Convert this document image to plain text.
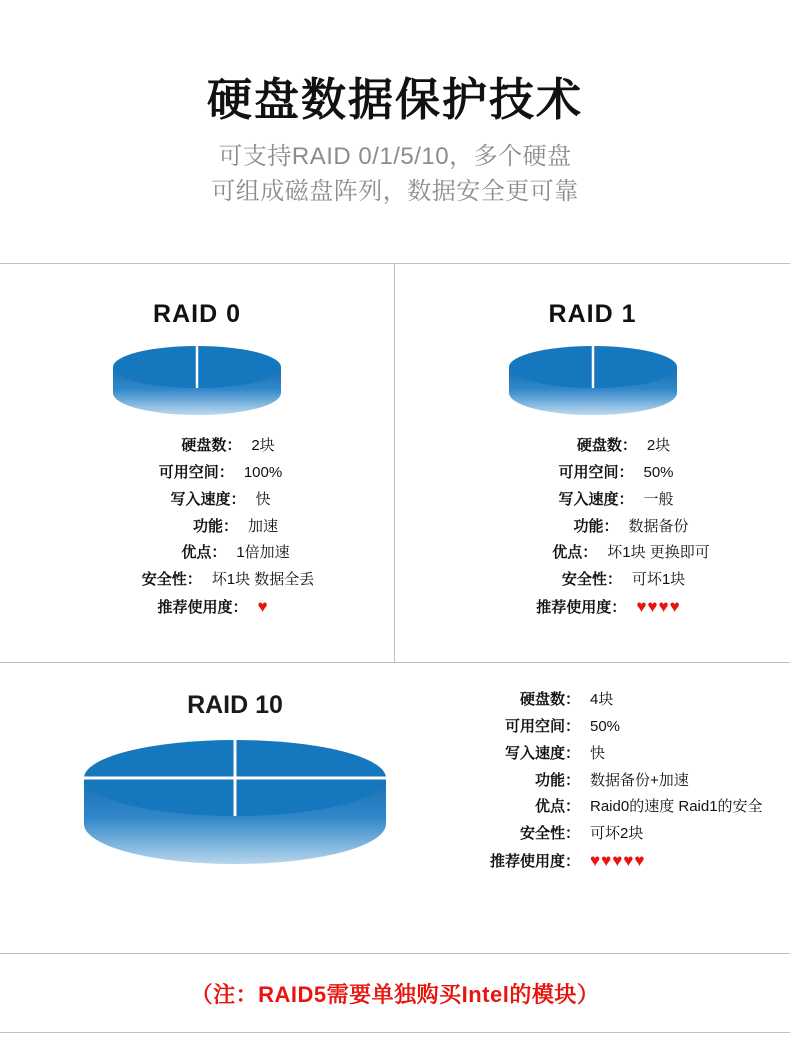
硬盘数据保护技术
可支持RAID 0/1/5/10，多个硬盘
可组成磁盘阵列，数据安全更可靠
RAID 0
硬盘数： 2块
可用空间： 100%
写入速度： 快
功能： 加速
优点： 1倍加速
安全性： 坏1块 数据全丢
推荐使用度： ♥
RAID 1
硬盘数： 2块
可用空间： 50%
写入速度： 一般
功能： 数据备份
优点： 坏1块 更换即可
安全性： 可坏1块
推荐使用度： ♥♥♥♥
RAID 10	硬盘数： 4块
可用空间： 50%
写入速度： 快
功能： 数据备份+加速
优点： Raid0的速度 Raid1的安全
安全性： 可坏2块
推荐使用度： ♥♥♥♥♥
（注：RAID5需要单独购买Intel的模块）
